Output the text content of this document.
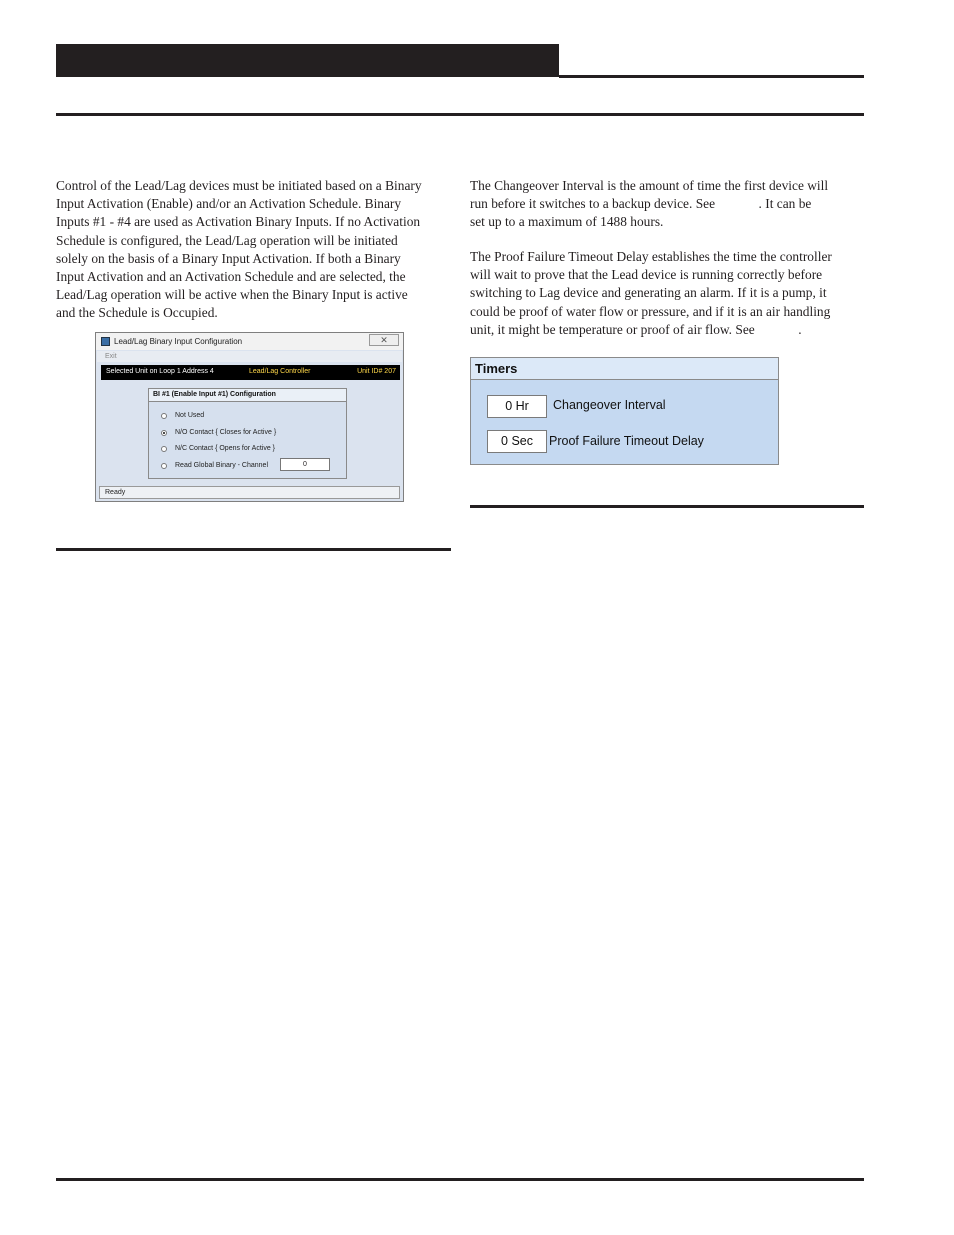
Control of the Lead/Lag devices must be initiated based on a Binary

Input Activation (Enable) and/or an Activation Schedule. Binary

Inputs #1 - #4 are used as Activation Binary Inputs. If no Activation

Schedule is configured, the Lead/Lag operation will be initiated

solely on the basis of a Binary Input Activation. If both a Binary

Input Activation and an Activation Schedule and are selected, the

Lead/Lag operation will be active when the Binary Input is active

and the Schedule is Occupied.

Lead/Lag Binary Input Configuration	✕
Exit
Selected Unit on Loop 1 Address 4	Lead/Lag Controller	Unit ID# 207
BI #1 (Enable Input #1) Configuration
Not Used
N/O Contact { Closes for Active }
N/C Contact { Opens for Active }
Read Global Binary - Channel	0
Ready

The Changeover Interval is the amount of time the first device will

run before it switches to a backup device. See             . It can be

set up to a maximum of 1488 hours.

The Proof Failure Timeout Delay establishes the time the controller

will wait to prove that the Lead device is running correctly before

switching to Lag device and generating an alarm. If it is a pump, it

could be proof of water flow or pressure, and if it is an air handling

unit, it might be temperature or proof of air flow. See             .

Timers
0 Hr	Changeover Interval
0 Sec	Proof Failure Timeout Delay
